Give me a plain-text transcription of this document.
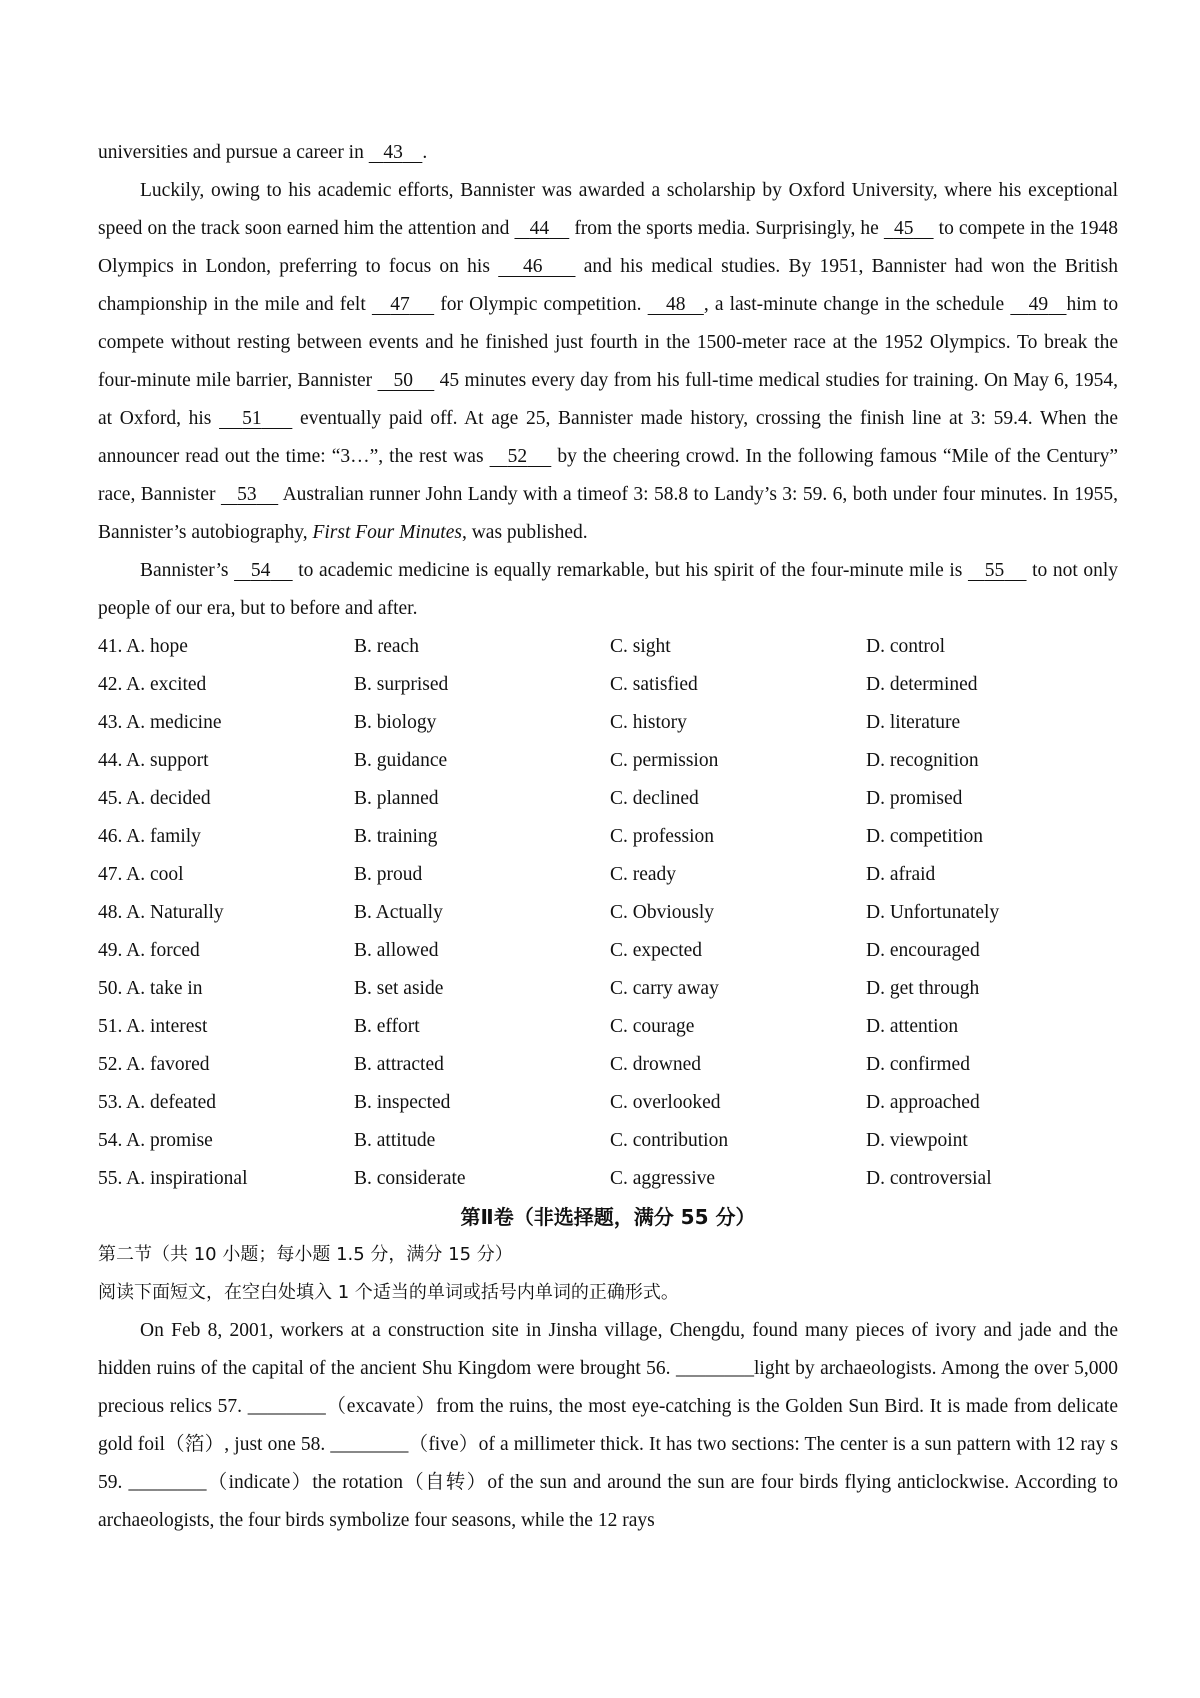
universities and pursue a career in 43 .

Luckily, owing to his academic efforts, Bannister was awarded a scholarship by Oxford University, where his exceptional speed on the track soon earned him the attention and 44 from the sports media. Surprisingly, he 45 to compete in the 1948 Olympics in London, preferring to focus on his 46 and his medical studies. By 1951, Bannister had won the British championship in the mile and felt 47 for Olympic competition. 48 , a last-minute change in the schedule 49 him to compete without resting between events and he finished just fourth in the 1500-meter race at the 1952 Olympics. To break the four-minute mile barrier, Bannister 50 45 minutes every day from his full-time medical studies for training. On May 6, 1954, at Oxford, his 51 eventually paid off. At age 25, Bannister made history, crossing the finish line at 3: 59.4. When the announcer read out the time: “3…”, the rest was 52 by the cheering crowd. In the following famous “Mile of the Century” race, Bannister 53 Australian runner John Landy with a timeof 3: 58.8 to Landy’s 3: 59. 6, both under four minutes. In 1955, Bannister’s autobiography, First Four Minutes, was published.

Bannister’s 54 to academic medicine is equally remarkable, but his spirit of the four-minute mile is 55 to not only people of our era, but to before and after.

41. A. hope	B. reach	C. sight	D. control
42. A. excited	B. surprised	C. satisfied	D. determined
43. A. medicine	B. biology	C. history	D. literature
44. A. support	B. guidance	C. permission	D. recognition
45. A. decided	B. planned	C. declined	D. promised
46. A. family	B. training	C. profession	D. competition
47. A. cool	B. proud	C. ready	D. afraid
48. A. Naturally	B. Actually	C. Obviously	D. Unfortunately
49. A. forced	B. allowed	C. expected	D. encouraged
50. A. take in	B. set aside	C. carry away	D. get through
51. A. interest	B. effort	C. courage	D. attention
52. A. favored	B. attracted	C. drowned	D. confirmed
53. A. defeated	B. inspected	C. overlooked	D. approached
54. A. promise	B. attitude	C. contribution	D. viewpoint
55. A. inspirational	B. considerate	C. aggressive	D. controversial
第Ⅱ卷（非选择题，满分 55 分）
第二节（共 10 小题；每小题 1.5 分，满分 15 分）
阅读下面短文，在空白处填入 1 个适当的单词或括号内单词的正确形式。

On Feb 8, 2001, workers at a construction site in Jinsha village, Chengdu, found many pieces of ivory and jade and the hidden ruins of the capital of the ancient Shu Kingdom were brought 56. ________light by archaeologists. Among the over 5,000 precious relics 57. ________（excavate）from the ruins, the most eye-catching is the Golden Sun Bird. It is made from delicate gold foil（箔）, just one 58. ________（five）of a millimeter thick. It has two sections: The center is a sun pattern with 12 ray s 59. ________（indicate）the rotation（自转）of the sun and around the sun are four birds flying anticlockwise. According to archaeologists, the four birds symbolize four seasons, while the 12 rays
